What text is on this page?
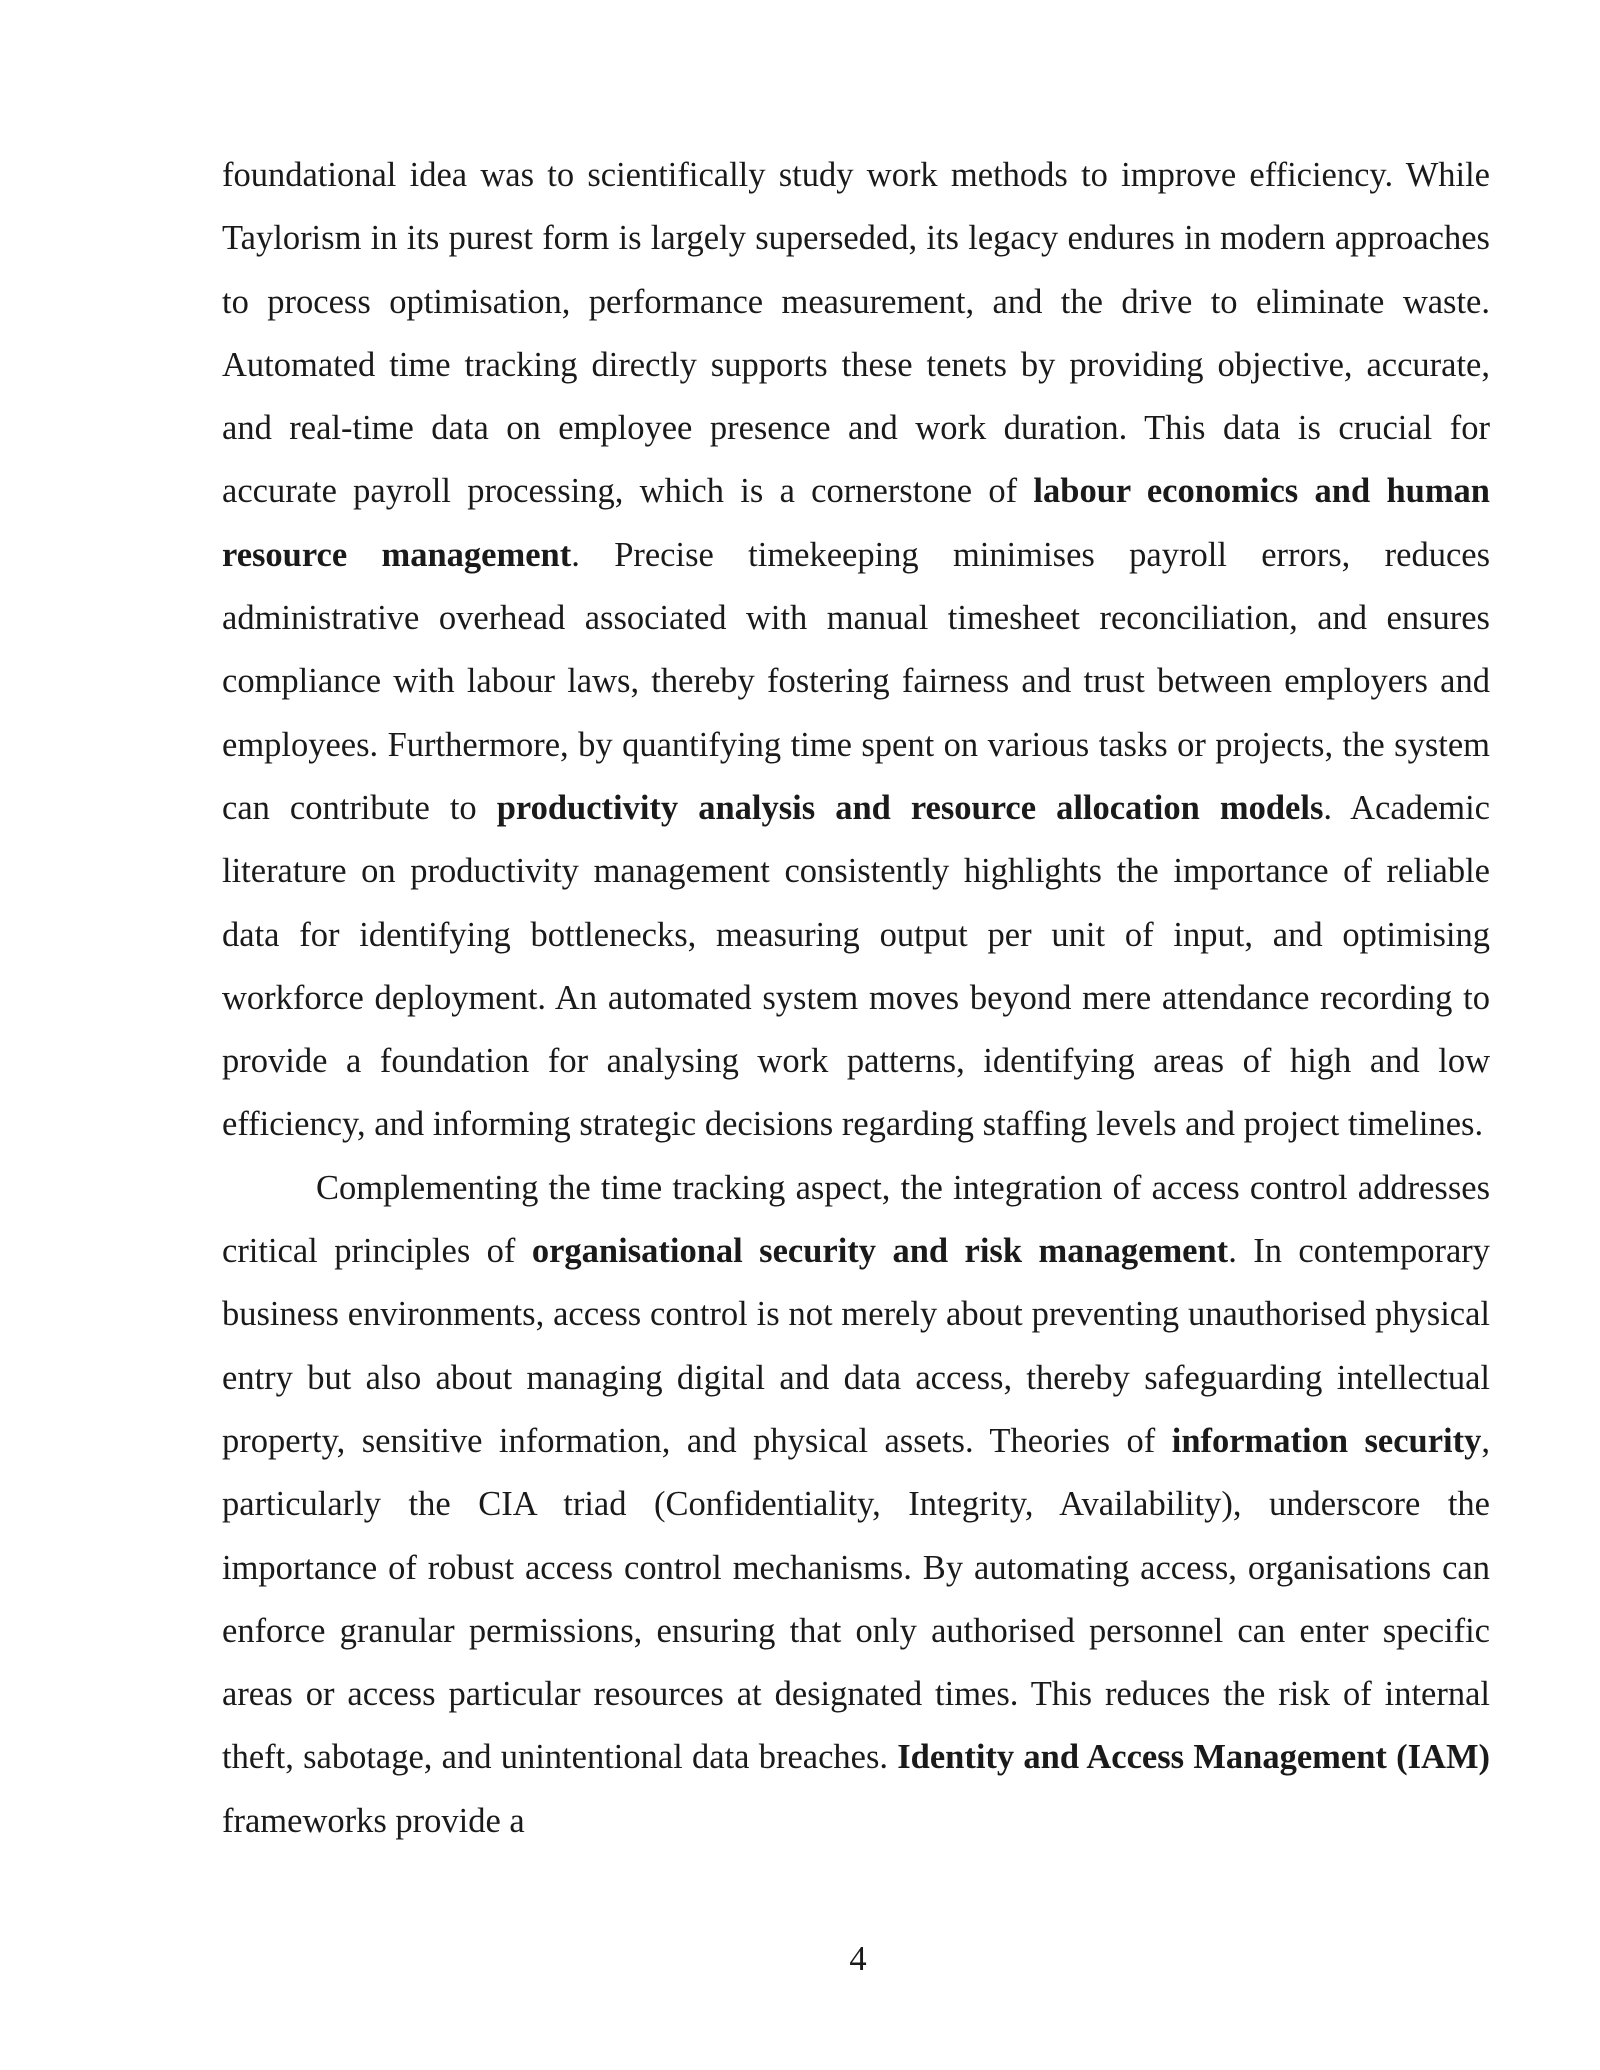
foundational idea was to scientifically study work methods to improve efficiency. While Taylorism in its purest form is largely superseded, its legacy endures in modern approaches to process optimisation, performance measurement, and the drive to eliminate waste. Automated time tracking directly supports these tenets by providing objective, accurate, and real-time data on employee presence and work duration. This data is crucial for accurate payroll processing, which is a cornerstone of labour economics and human resource management. Precise timekeeping minimises payroll errors, reduces administrative overhead associated with manual timesheet reconciliation, and ensures compliance with labour laws, thereby fostering fairness and trust between employers and employees. Furthermore, by quantifying time spent on various tasks or projects, the system can contribute to productivity analysis and resource allocation models. Academic literature on productivity management consistently highlights the importance of reliable data for identifying bottlenecks, measuring output per unit of input, and optimising workforce deployment. An automated system moves beyond mere attendance recording to provide a foundation for analysing work patterns, identifying areas of high and low efficiency, and informing strategic decisions regarding staffing levels and project timelines.

Complementing the time tracking aspect, the integration of access control addresses critical principles of organisational security and risk management. In contemporary business environments, access control is not merely about preventing unauthorised physical entry but also about managing digital and data access, thereby safeguarding intellectual property, sensitive information, and physical assets. Theories of information security, particularly the CIA triad (Confidentiality, Integrity, Availability), underscore the importance of robust access control mechanisms. By automating access, organisations can enforce granular permissions, ensuring that only authorised personnel can enter specific areas or access particular resources at designated times. This reduces the risk of internal theft, sabotage, and unintentional data breaches. Identity and Access Management (IAM) frameworks provide a

4
